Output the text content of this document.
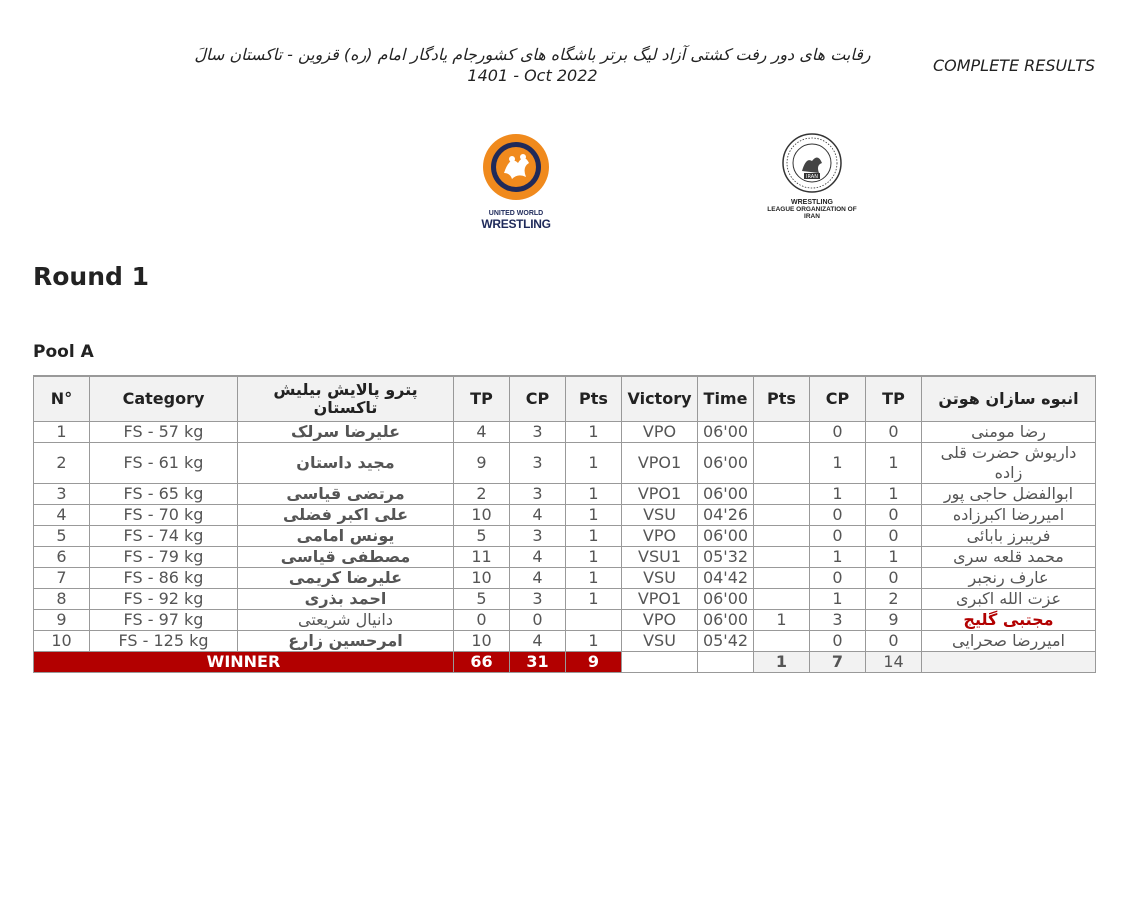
رقابت های دور رفت کشتی آزاد لیگ برتر باشگاه های کشورجام یادگار امام (ره) قزوین - تاکستان سالَ
1401 - Oct 2022
COMPLETE RESULTS
UNITED WORLD
WRESTLING
IRAN
WRESTLING
LEAGUE ORGANIZATION OF
IRAN
Round 1
Pool A
N°	Category	پترو پالایش بیلیش تاکستان	TP	CP	Pts	Victory	Time	Pts	CP	TP	انبوه سازان هوتن
1	FS - 57 kg	علیرضا سرلک	4	3	1	VPO	06'00		0	0	رضا مومنی
2	FS - 61 kg	مجید داستان	9	3	1	VPO1	06'00		1	1	داریوش حضرت قلی زاده
3	FS - 65 kg	مرتضی قیاسی	2	3	1	VPO1	06'00		1	1	ابوالفضل حاجی پور
4	FS - 70 kg	علی اکبر فضلی	10	4	1	VSU	04'26		0	0	امیررضا اکبرزاده
5	FS - 74 kg	یونس امامی	5	3	1	VPO	06'00		0	0	فریبرز بابائی
6	FS - 79 kg	مصطفی قیاسی	11	4	1	VSU1	05'32		1	1	محمد قلعه سری
7	FS - 86 kg	علیرضا کریمی	10	4	1	VSU	04'42		0	0	عارف رنجبر
8	FS - 92 kg	احمد بذری	5	3	1	VPO1	06'00		1	2	عزت الله اکبری
9	FS - 97 kg	دانیال شریعتی	0	0		VPO	06'00	1	3	9	مجتبی گلیج
10	FS - 125 kg	امرحسین زارع	10	4	1	VSU	05'42		0	0	امیررضا صحرایی
WINNER			66	31	9			1	7	14	
